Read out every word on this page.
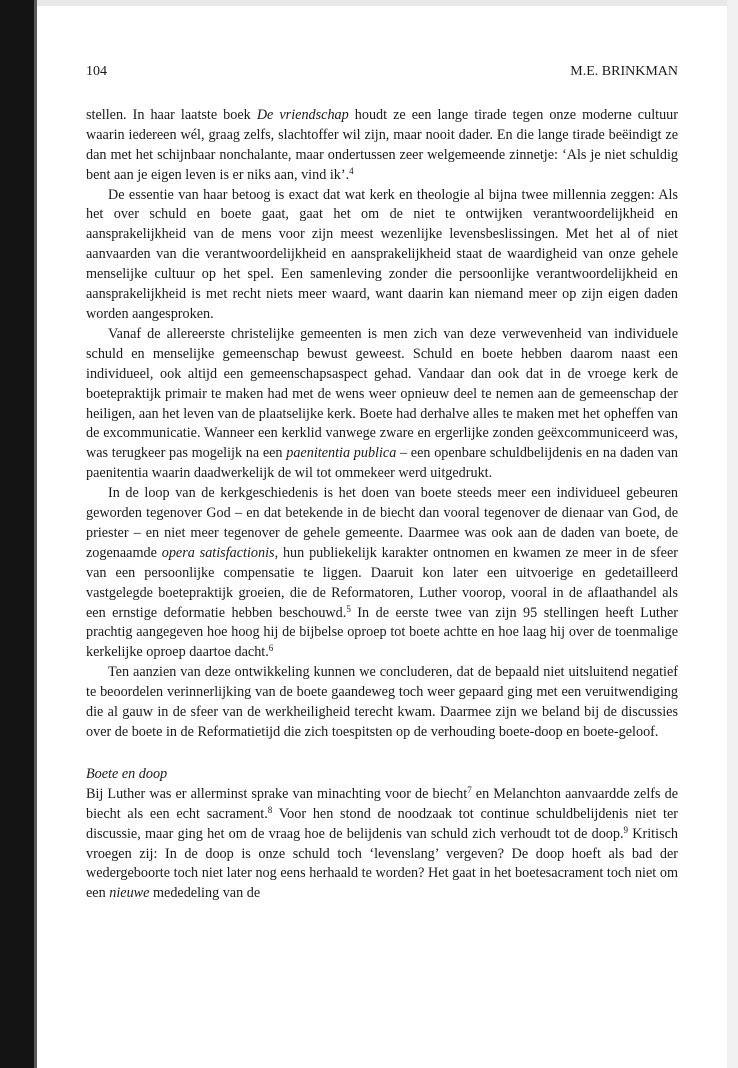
104	M.E. BRINKMAN

stellen. In haar laatste boek De vriendschap houdt ze een lange tirade tegen onze moderne cultuur waarin iedereen wél, graag zelfs, slachtoffer wil zijn, maar nooit dader. En die lange tirade beëindigt ze dan met het schijnbaar nonchalante, maar ondertussen zeer welgemeende zinnetje: ‘Als je niet schuldig bent aan je eigen leven is er niks aan, vind ik’.$^4$

De essentie van haar betoog is exact dat wat kerk en theologie al bijna twee millennia zeggen: Als het over schuld en boete gaat, gaat het om de niet te ontwijken verantwoordelijkheid en aansprakelijkheid van de mens voor zijn meest wezenlijke levensbeslissingen. Met het al of niet aanvaarden van die verantwoordelijkheid en aansprakelijkheid staat de waardigheid van onze gehele menselijke cultuur op het spel. Een samenleving zonder die persoonlijke verantwoordelijkheid en aansprakelijkheid is met recht niets meer waard, want daarin kan niemand meer op zijn eigen daden worden aangesproken.

Vanaf de allereerste christelijke gemeenten is men zich van deze verwevenheid van individuele schuld en menselijke gemeenschap bewust geweest. Schuld en boete hebben daarom naast een individueel, ook altijd een gemeenschapsaspect gehad. Vandaar dan ook dat in de vroege kerk de boetepraktijk primair te maken had met de wens weer opnieuw deel te nemen aan de gemeenschap der heiligen, aan het leven van de plaatselijke kerk. Boete had derhalve alles te maken met het opheffen van de excommunicatie. Wanneer een kerklid vanwege zware en ergerlijke zonden geëxcommuniceerd was, was terugkeer pas mogelijk na een paenitentia publica – een openbare schuldbelijdenis en na daden van paenitentia waarin daadwerkelijk de wil tot ommekeer werd uitgedrukt.

In de loop van de kerkgeschiedenis is het doen van boete steeds meer een individueel gebeuren geworden tegenover God – en dat betekende in de biecht dan vooral tegenover de dienaar van God, de priester – en niet meer tegenover de gehele gemeente. Daarmee was ook aan de daden van boete, de zogenaamde opera satisfactionis, hun publiekelijk karakter ontnomen en kwamen ze meer in de sfeer van een persoonlijke compensatie te liggen. Daaruit kon later een uitvoerige en gedetailleerd vastgelegde boetepraktijk groeien, die de Reformatoren, Luther voorop, vooral in de aflaathandel als een ernstige deformatie hebben beschouwd.$^5$ In de eerste twee van zijn 95 stellingen heeft Luther prachtig aangegeven hoe hoog hij de bijbelse oproep tot boete achtte en hoe laag hij over de toenmalige kerkelijke oproep daartoe dacht.$^6$

Ten aanzien van deze ontwikkeling kunnen we concluderen, dat de bepaald niet uitsluitend negatief te beoordelen verinnerlijking van de boete gaandeweg toch weer gepaard ging met een veruitwendiging die al gauw in de sfeer van de werkheiligheid terecht kwam. Daarmee zijn we beland bij de discussies over de boete in de Reformatietijd die zich toespitsten op de verhouding boete-doop en boete-geloof.

Boete en doop

Bij Luther was er allerminst sprake van minachting voor de biecht$^7$ en Melanchton aanvaardde zelfs de biecht als een echt sacrament.$^8$ Voor hen stond de noodzaak tot continue schuldbelijdenis niet ter discussie, maar ging het om de vraag hoe de belijdenis van schuld zich verhoudt tot de doop.$^9$ Kritisch vroegen zij: In de doop is onze schuld toch ‘levenslang’ vergeven? De doop hoeft als bad der wedergeboorte toch niet later nog eens herhaald te worden? Het gaat in het boetesacrament toch niet om een nieuwe mededeling van de
